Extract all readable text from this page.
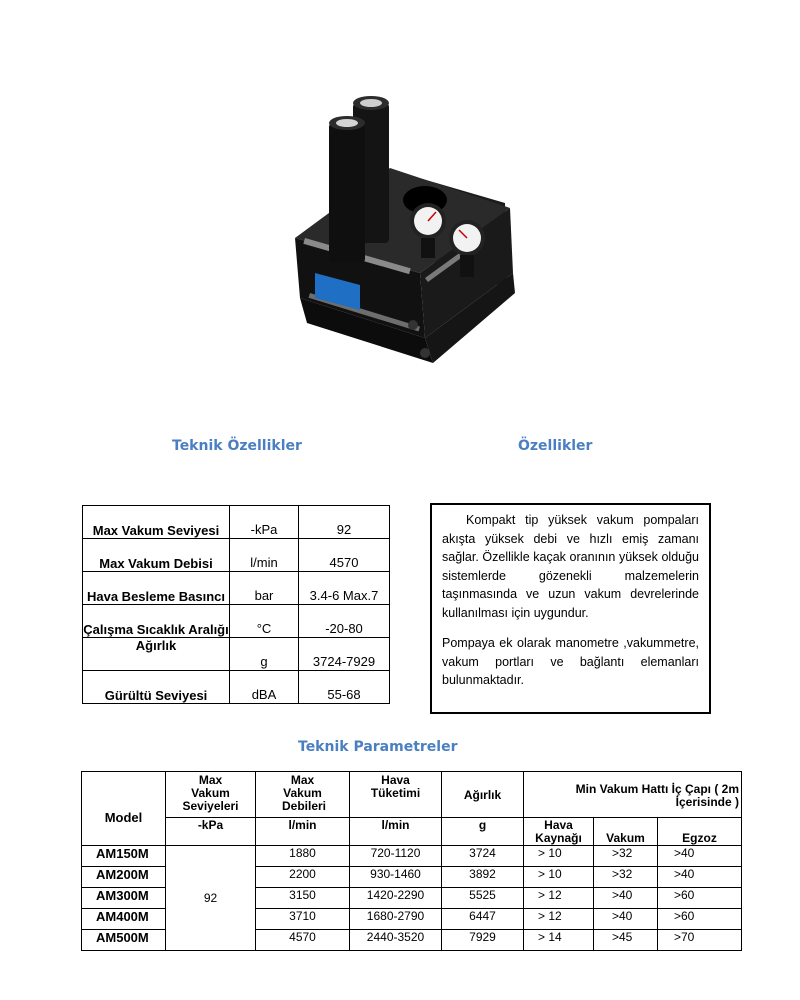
Teknik Özellikler	Özellikler
Max Vakum Seviyesi	-kPa	92
Max Vakum Debisi	l/min	4570
Hava Besleme Basıncı	bar	3.4-6 Max.7
Çalışma Sıcaklık Aralığı	°C	-20-80
Ağırlık	g	3724-7929
Gürültü Seviyesi	dBA	55-68

Kompakt tip yüksek vakum pompaları akışta yüksek debi ve hızlı emiş zamanı sağlar. Özellikle kaçak oranının yüksek olduğu sistemlerde gözenekli malzemelerin taşınmasında ve uzun vakum devrelerinde kullanılması için uygundur.

Pompaya ek olarak manometre ,vakummetre, vakum portları ve bağlantı elemanları bulunmaktadır.

Teknik Parametreler
Model	Max Vakum Seviyeleri	Max Vakum Debileri	Hava Tüketimi	Ağırlık	Min Vakum Hattı İç Çapı ( 2m İçerisinde )		
	-kPa	l/min	l/min	g	Hava Kaynağı	Vakum	Egzoz
AM150M	92	1880	720-1120	3724	> 10	>32	>40
AM200M		2200	930-1460	3892	> 10	>32	>40
AM300M		3150	1420-2290	5525	> 12	>40	>60
AM400M		3710	1680-2790	6447	> 12	>40	>60
AM500M		4570	2440-3520	7929	> 14	>45	>70
